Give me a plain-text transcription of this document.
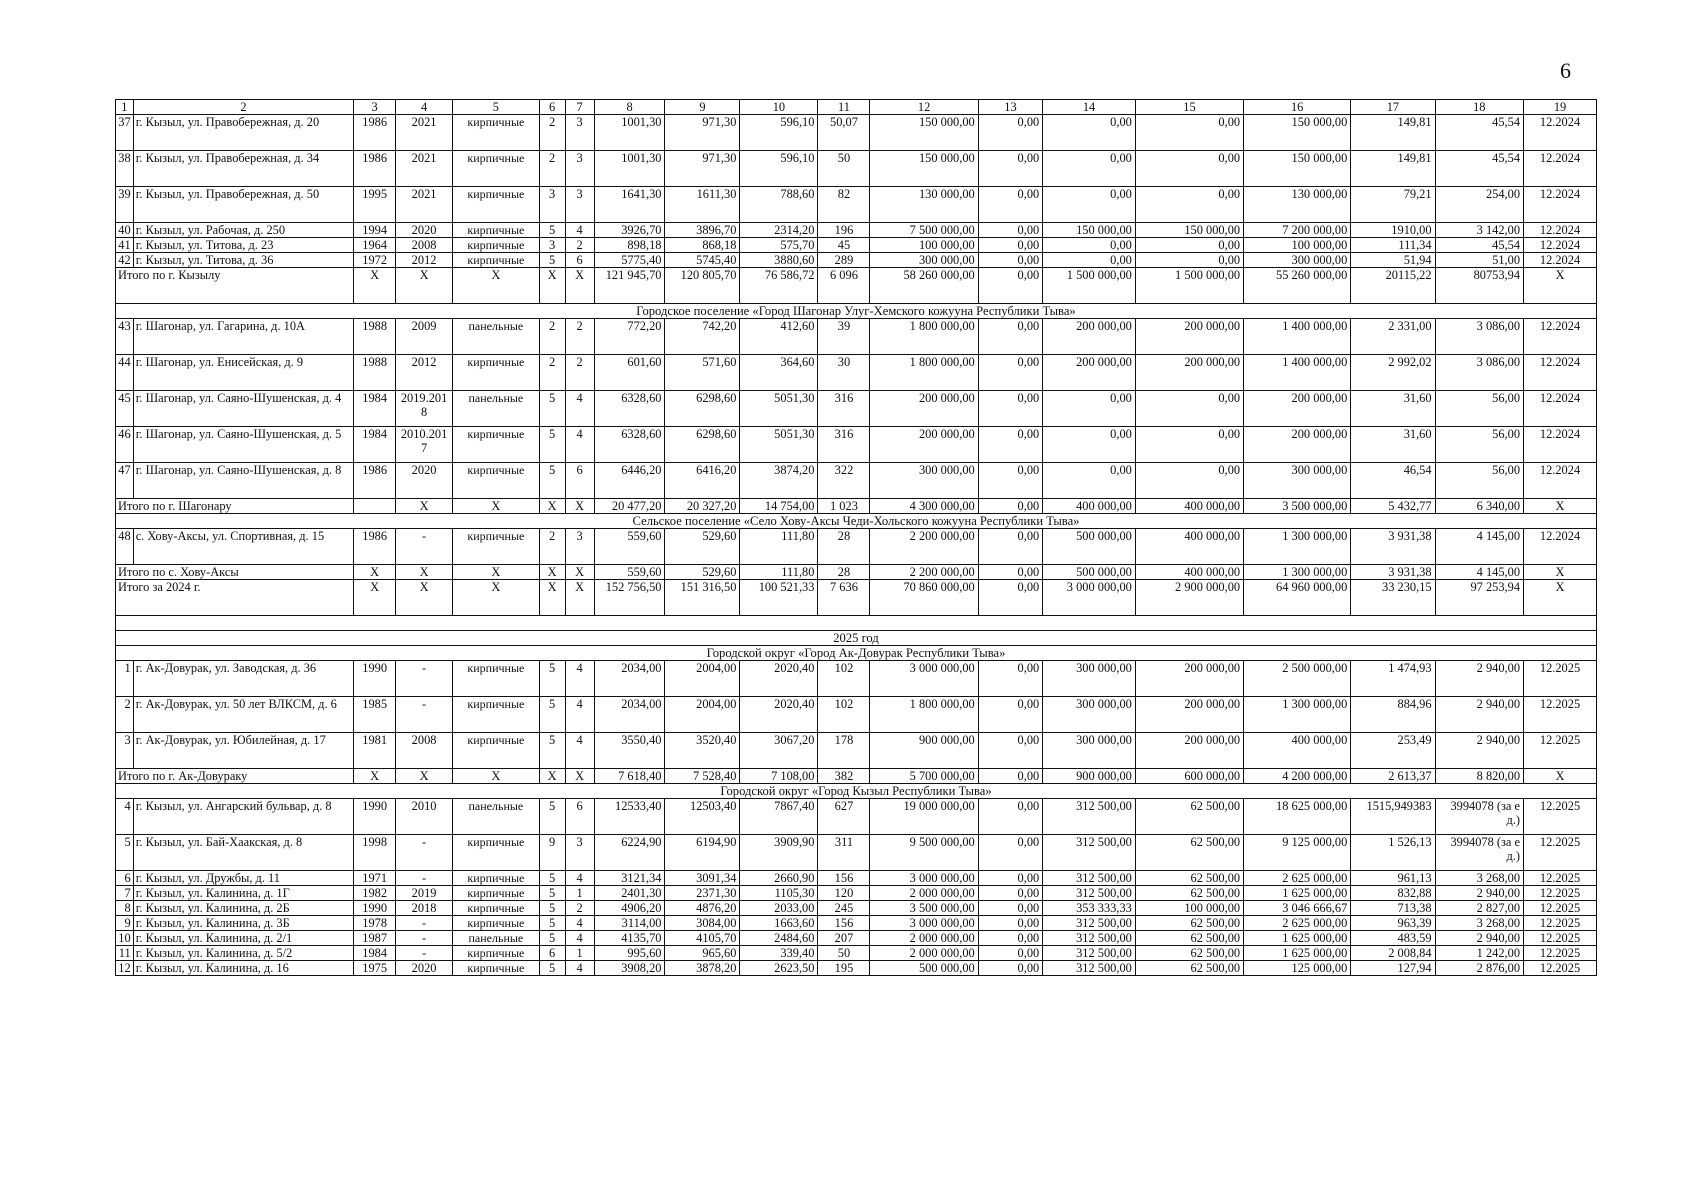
6
1	2	3	4	5	6	7	8	9	10	11	12	13	14	15	16	17	18	19
37	г. Кызыл, ул. Правобережная, д. 20	1986	2021	кирпичные	2	3	1001,30	971,30	596,10	50,07	150 000,00	0,00	0,00	0,00	150 000,00	149,81	45,54	12.2024
38	г. Кызыл, ул. Правобережная, д. 34	1986	2021	кирпичные	2	3	1001,30	971,30	596,10	50	150 000,00	0,00	0,00	0,00	150 000,00	149,81	45,54	12.2024
39	г. Кызыл, ул. Правобережная, д. 50	1995	2021	кирпичные	3	3	1641,30	1611,30	788,60	82	130 000,00	0,00	0,00	0,00	130 000,00	79,21	254,00	12.2024
40	г. Кызыл, ул. Рабочая, д. 250	1994	2020	кирпичные	5	4	3926,70	3896,70	2314,20	196	7 500 000,00	0,00	150 000,00	150 000,00	7 200 000,00	1910,00	3 142,00	12.2024
41	г. Кызыл, ул. Титова, д. 23	1964	2008	кирпичные	3	2	898,18	868,18	575,70	45	100 000,00	0,00	0,00	0,00	100 000,00	111,34	45,54	12.2024
42	г. Кызыл, ул. Титова, д. 36	1972	2012	кирпичные	5	6	5775,40	5745,40	3880,60	289	300 000,00	0,00	0,00	0,00	300 000,00	51,94	51,00	12.2024
Итого по г. Кызылу		X	X	X	X	X	121 945,70	120 805,70	76 586,72	6 096	58 260 000,00	0,00	1 500 000,00	1 500 000,00	55 260 000,00	20115,22	80753,94	X
Городское поселение «Город Шагонар Улуг-Хемского кожууна Республики Тыва»																		
43	г. Шагонар, ул. Гагарина, д. 10А	1988	2009	панельные	2	2	772,20	742,20	412,60	39	1 800 000,00	0,00	200 000,00	200 000,00	1 400 000,00	2 331,00	3 086,00	12.2024
44	г. Шагонар, ул. Енисейская, д. 9	1988	2012	кирпичные	2	2	601,60	571,60	364,60	30	1 800 000,00	0,00	200 000,00	200 000,00	1 400 000,00	2 992,02	3 086,00	12.2024
45	г. Шагонар, ул. Саяно-Шушенская, д. 4	1984	2019.2018	панельные	5	4	6328,60	6298,60	5051,30	316	200 000,00	0,00	0,00	0,00	200 000,00	31,60	56,00	12.2024
46	г. Шагонар, ул. Саяно-Шушенская, д. 5	1984	2010.2017	кирпичные	5	4	6328,60	6298,60	5051,30	316	200 000,00	0,00	0,00	0,00	200 000,00	31,60	56,00	12.2024
47	г. Шагонар, ул. Саяно-Шушенская, д. 8	1986	2020	кирпичные	5	6	6446,20	6416,20	3874,20	322	300 000,00	0,00	0,00	0,00	300 000,00	46,54	56,00	12.2024
Итого по г. Шагонару			X	X	X	X	20 477,20	20 327,20	14 754,00	1 023	4 300 000,00	0,00	400 000,00	400 000,00	3 500 000,00	5 432,77	6 340,00	X
Сельское поселение «Село Хову-Аксы Чеди-Хольского кожууна Республики Тыва»																		
48	с. Хову-Аксы, ул. Спортивная, д. 15	1986	-	кирпичные	2	3	559,60	529,60	111,80	28	2 200 000,00	0,00	500 000,00	400 000,00	1 300 000,00	3 931,38	4 145,00	12.2024
Итого по с. Хову-Аксы		X	X	X	X	X	559,60	529,60	111,80	28	2 200 000,00	0,00	500 000,00	400 000,00	1 300 000,00	3 931,38	4 145,00	X
Итого за 2024 г.		X	X	X	X	X	152 756,50	151 316,50	100 521,33	7 636	70 860 000,00	0,00	3 000 000,00	2 900 000,00	64 960 000,00	33 230,15	97 253,94	X

2025 год																		
Городской округ «Город Ак-Довурак Республики Тыва»																		
1	г. Ак-Довурак, ул. Заводская, д. 36	1990	-	кирпичные	5	4	2034,00	2004,00	2020,40	102	3 000 000,00	0,00	300 000,00	200 000,00	2 500 000,00	1 474,93	2 940,00	12.2025
2	г. Ак-Довурак, ул. 50 лет ВЛКСМ, д. 6	1985	-	кирпичные	5	4	2034,00	2004,00	2020,40	102	1 800 000,00	0,00	300 000,00	200 000,00	1 300 000,00	884,96	2 940,00	12.2025
3	г. Ак-Довурак, ул. Юбилейная, д. 17	1981	2008	кирпичные	5	4	3550,40	3520,40	3067,20	178	900 000,00	0,00	300 000,00	200 000,00	400 000,00	253,49	2 940,00	12.2025
Итого по г. Ак-Довураку		X	X	X	X	X	7 618,40	7 528,40	7 108,00	382	5 700 000,00	0,00	900 000,00	600 000,00	4 200 000,00	2 613,37	8 820,00	X
Городской округ «Город Кызыл Республики Тыва»																		
4	г. Кызыл, ул. Ангарский бульвар, д. 8	1990	2010	панельные	5	6	12533,40	12503,40	7867,40	627	19 000 000,00	0,00	312 500,00	62 500,00	18 625 000,00	1515,949383	3994078 (за ед.)	12.2025
5	г. Кызыл, ул. Бай-Хаакская, д. 8	1998	-	кирпичные	9	3	6224,90	6194,90	3909,90	311	9 500 000,00	0,00	312 500,00	62 500,00	9 125 000,00	1 526,13	3994078 (за ед.)	12.2025
6	г. Кызыл, ул. Дружбы, д. 11	1971	-	кирпичные	5	4	3121,34	3091,34	2660,90	156	3 000 000,00	0,00	312 500,00	62 500,00	2 625 000,00	961,13	3 268,00	12.2025
7	г. Кызыл, ул. Калинина, д. 1Г	1982	2019	кирпичные	5	1	2401,30	2371,30	1105,30	120	2 000 000,00	0,00	312 500,00	62 500,00	1 625 000,00	832,88	2 940,00	12.2025
8	г. Кызыл, ул. Калинина, д. 2Б	1990	2018	кирпичные	5	2	4906,20	4876,20	2033,00	245	3 500 000,00	0,00	353 333,33	100 000,00	3 046 666,67	713,38	2 827,00	12.2025
9	г. Кызыл, ул. Калинина, д. 3Б	1978	-	кирпичные	5	4	3114,00	3084,00	1663,60	156	3 000 000,00	0,00	312 500,00	62 500,00	2 625 000,00	963,39	3 268,00	12.2025
10	г. Кызыл, ул. Калинина, д. 2/1	1987	-	панельные	5	4	4135,70	4105,70	2484,60	207	2 000 000,00	0,00	312 500,00	62 500,00	1 625 000,00	483,59	2 940,00	12.2025
11	г. Кызыл, ул. Калинина, д. 5/2	1984	-	кирпичные	6	1	995,60	965,60	339,40	50	2 000 000,00	0,00	312 500,00	62 500,00	1 625 000,00	2 008,84	1 242,00	12.2025
12	г. Кызыл, ул. Калинина, д. 16	1975	2020	кирпичные	5	4	3908,20	3878,20	2623,50	195	500 000,00	0,00	312 500,00	62 500,00	125 000,00	127,94	2 876,00	12.2025
